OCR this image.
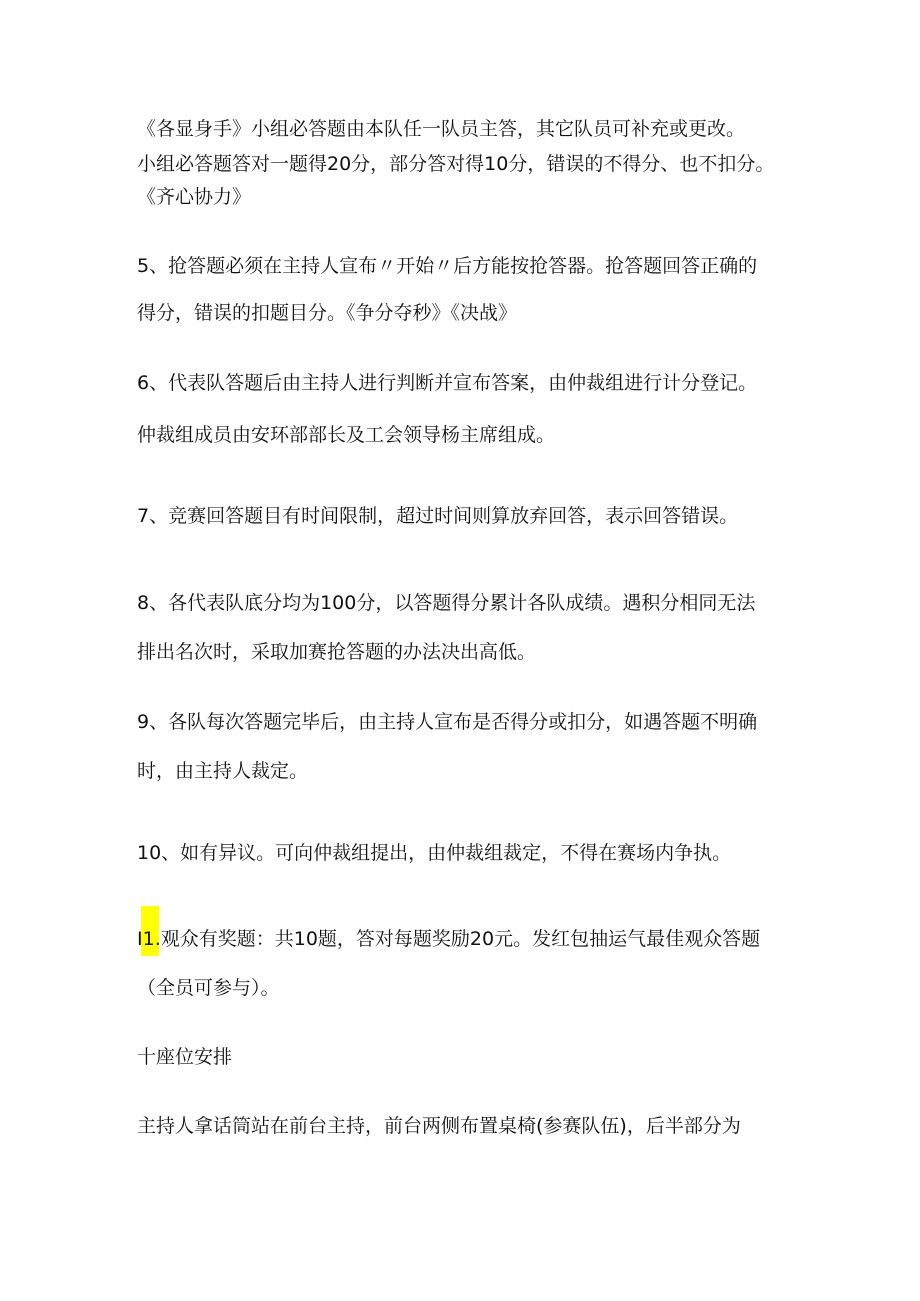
《各显身手》小组必答题由本队任一队员主答，其它队员可补充或更改。
小组必答题答对一题得20分，部分答对得10分，错误的不得分、也不扣分。
《齐心协力》
5、抢答题必须在主持人宣布〃开始〃后方能按抢答器。抢答题回答正确的
得分，错误的扣题目分。《争分夺秒》《决战》
6、代表队答题后由主持人进行判断并宣布答案，由仲裁组进行计分登记。
仲裁组成员由安环部部长及工会领导杨主席组成。
7、竞赛回答题目有时间限制，超过时间则算放弃回答，表示回答错误。
8、各代表队底分均为100分，以答题得分累计各队成绩。遇积分相同无法
排出名次时，采取加赛抢答题的办法决出高低。
9、各队每次答题完毕后，由主持人宣布是否得分或扣分，如遇答题不明确
时，由主持人裁定。
10、如有异议。可向仲裁组提出，由仲裁组裁定，不得在赛场内争执。
I1.观众有奖题：共10题，答对每题奖励20元。发红包抽运气最佳观众答题
（全员可参与）。
十座位安排
主持人拿话筒站在前台主持，前台两侧布置桌椅(参赛队伍)，后半部分为
